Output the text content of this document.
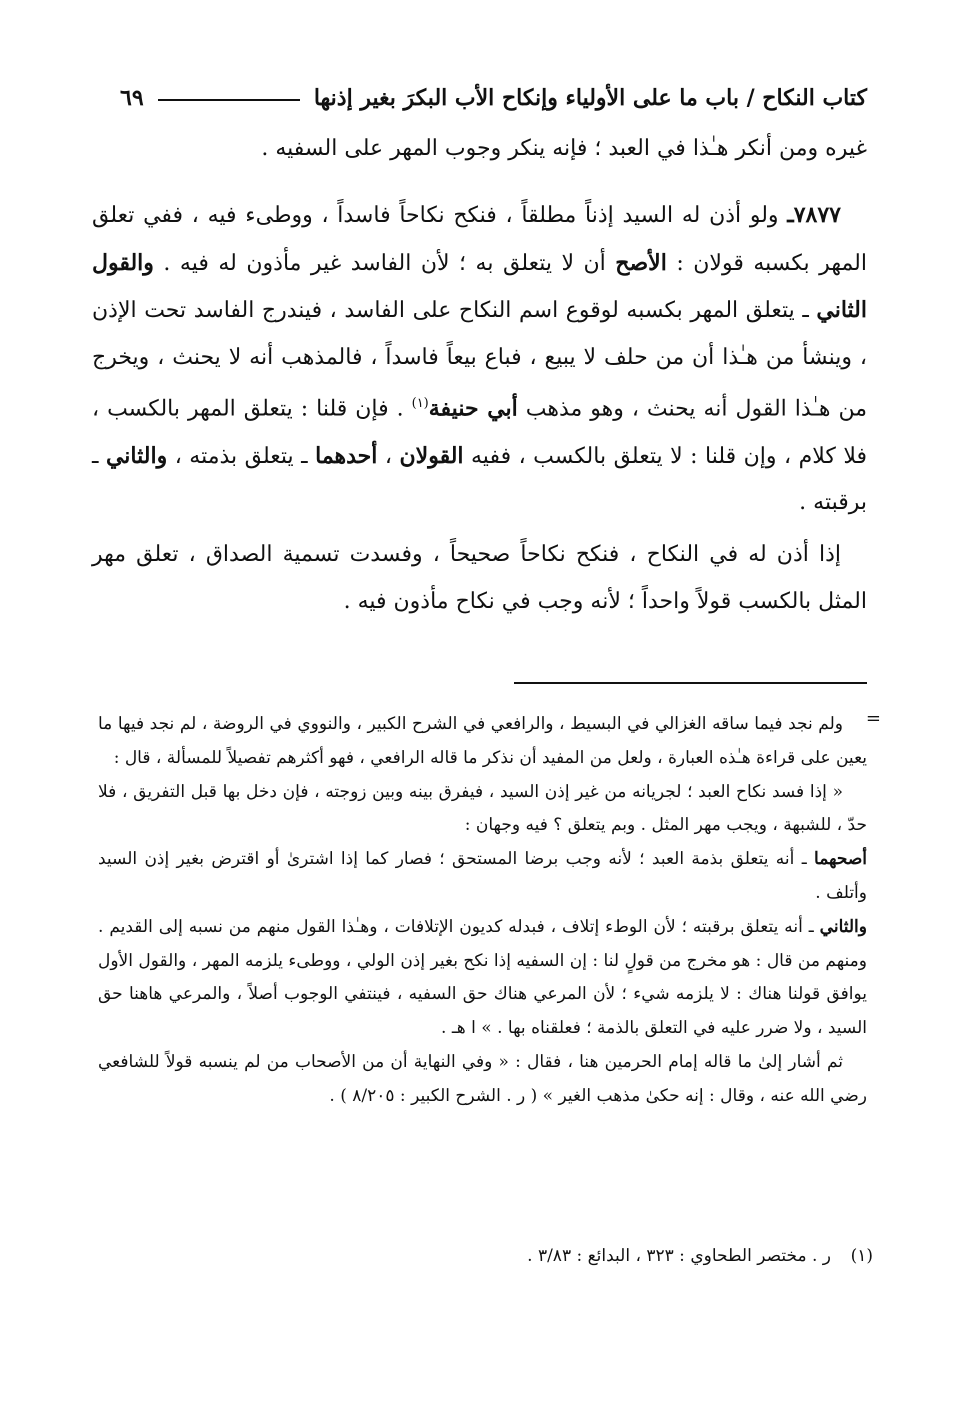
كتاب النكاح / باب ما على الأولياء وإنكاح الأب البكرَ بغير إذنها
٦٩

غيره ومن أنكر هـٰذا في العبد ؛ فإنه ينكر وجوب المهر على السفيه .

٧٨٧٧ـ ولو أذن له السيد إذناً مطلقاً ، فنكح نكاحاً فاسداً ، ووطىء فيه ، ففي تعلق المهر بكسبه قولان : الأصح أن لا يتعلق به ؛ لأن الفاسد غير مأذون له فيه . والقول الثاني ـ يتعلق المهر بكسبه لوقوع اسم النكاح على الفاسد ، فيندرج الفاسد تحت الإذن ، وينشأ من هـٰذا أن من حلف لا يبيع ، فباع بيعاً فاسداً ، فالمذهب أنه لا يحنث ، ويخرج من هـٰذا القول أنه يحنث ، وهو مذهب أبي حنيفة$^{(١)}$ . فإن قلنا : يتعلق المهر بالكسب ، فلا كلام ، وإن قلنا : لا يتعلق بالكسب ، ففيه القولان ، أحدهما ـ يتعلق بذمته ، والثاني ـ برقبته .

إذا أذن له في النكاح ، فنكح نكاحاً صحيحاً ، وفسدت تسمية الصداق ، تعلق مهر المثل بالكسب قولاً واحداً ؛ لأنه وجب في نكاح مأذون فيه .

=

ولم نجد فيما ساقه الغزالي في البسيط ، والرافعي في الشرح الكبير ، والنووي في الروضة ، لم نجد فيها ما يعين على قراءة هـٰذه العبارة ، ولعل من المفيد أن نذكر ما قاله الرافعي ، فهو أكثرهم تفصيلاً للمسألة ، قال :

« إذا فسد نكاح العبد ؛ لجريانه من غير إذن السيد ، فيفرق بينه وبين زوجته ، فإن دخل بها قبل التفريق ، فلا حدّ ، للشبهة ، ويجب مهر المثل . وبم يتعلق ؟ فيه وجهان :

أصحهما ـ أنه يتعلق بذمة العبد ؛ لأنه وجب برضا المستحق ؛ فصار كما إذا اشترىٰ أو اقترض بغير إذن السيد وأتلف .

والثاني ـ أنه يتعلق برقبته ؛ لأن الوطء إتلاف ، فبدله كديون الإتلافات ، وهـٰذا القول منهم من نسبه إلى القديم . ومنهم من قال : هو مخرج من قولٍ لنا : إن السفيه إذا نكح بغير إذن الولي ، ووطىء يلزمه المهر ، والقول الأول يوافق قولنا هناك : لا يلزمه شيء ؛ لأن المرعي هناك حق السفيه ، فينتفي الوجوب أصلاً ، والمرعي هاهنا حق السيد ، ولا ضرر عليه في التعلق بالذمة ؛ فعلقناه بها . » ا هـ .

ثم أشار إلىٰ ما قاله إمام الحرمين هنا ، فقال : « وفي النهاية أن من الأصحاب من لم ينسبه قولاً للشافعي رضي الله عنه ، وقال : إنه حكىٰ مذهب الغير » ( ر . الشرح الكبير : ٨/٢٠٥ ) .

(١)ر . مختصر الطحاوي : ٣٢٣ ، البدائع : ٣/٨٣ .
